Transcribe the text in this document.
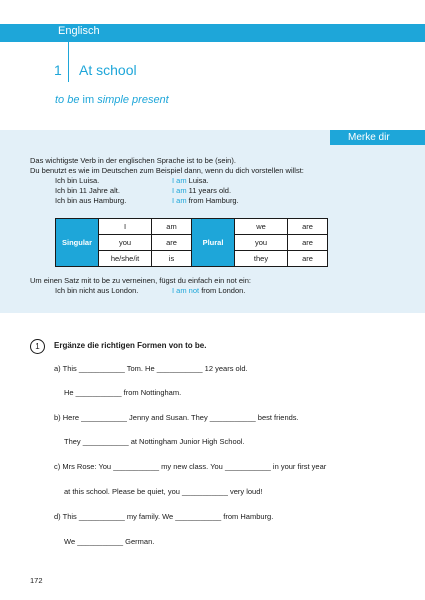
Englisch
1 At school
to be im simple present
Merke dir

Das wichtigste Verb in der englischen Sprache ist to be (sein).

Du benutzt es wie im Deutschen zum Beispiel dann, wenn du dich vorstellen willst:

Ich bin Luisa.	I am Luisa.
Ich bin 11 Jahre alt.	I am 11 years old.
Ich bin aus Hamburg.	I am from Hamburg.
Singular	I	am	Plural	we	are
	you	are		you	are
	he/she/it	is		they	are

Um einen Satz mit to be zu verneinen, fügst du einfach ein not ein:

Ich bin nicht aus London.	I am not from London.
1	Ergänze die richtigen Formen von to be.
a) This ___________ Tom. He ___________ 12 years old.
He ___________ from Nottingham.
b) Here ___________ Jenny and Susan. They ___________ best friends.
They ___________ at Nottingham Junior High School.
c) Mrs Rose: You ___________ my new class. You ___________ in your first year
at this school. Please be quiet, you ___________ very loud!
d) This ___________ my family. We ___________ from Hamburg.
We ___________ German.
172
